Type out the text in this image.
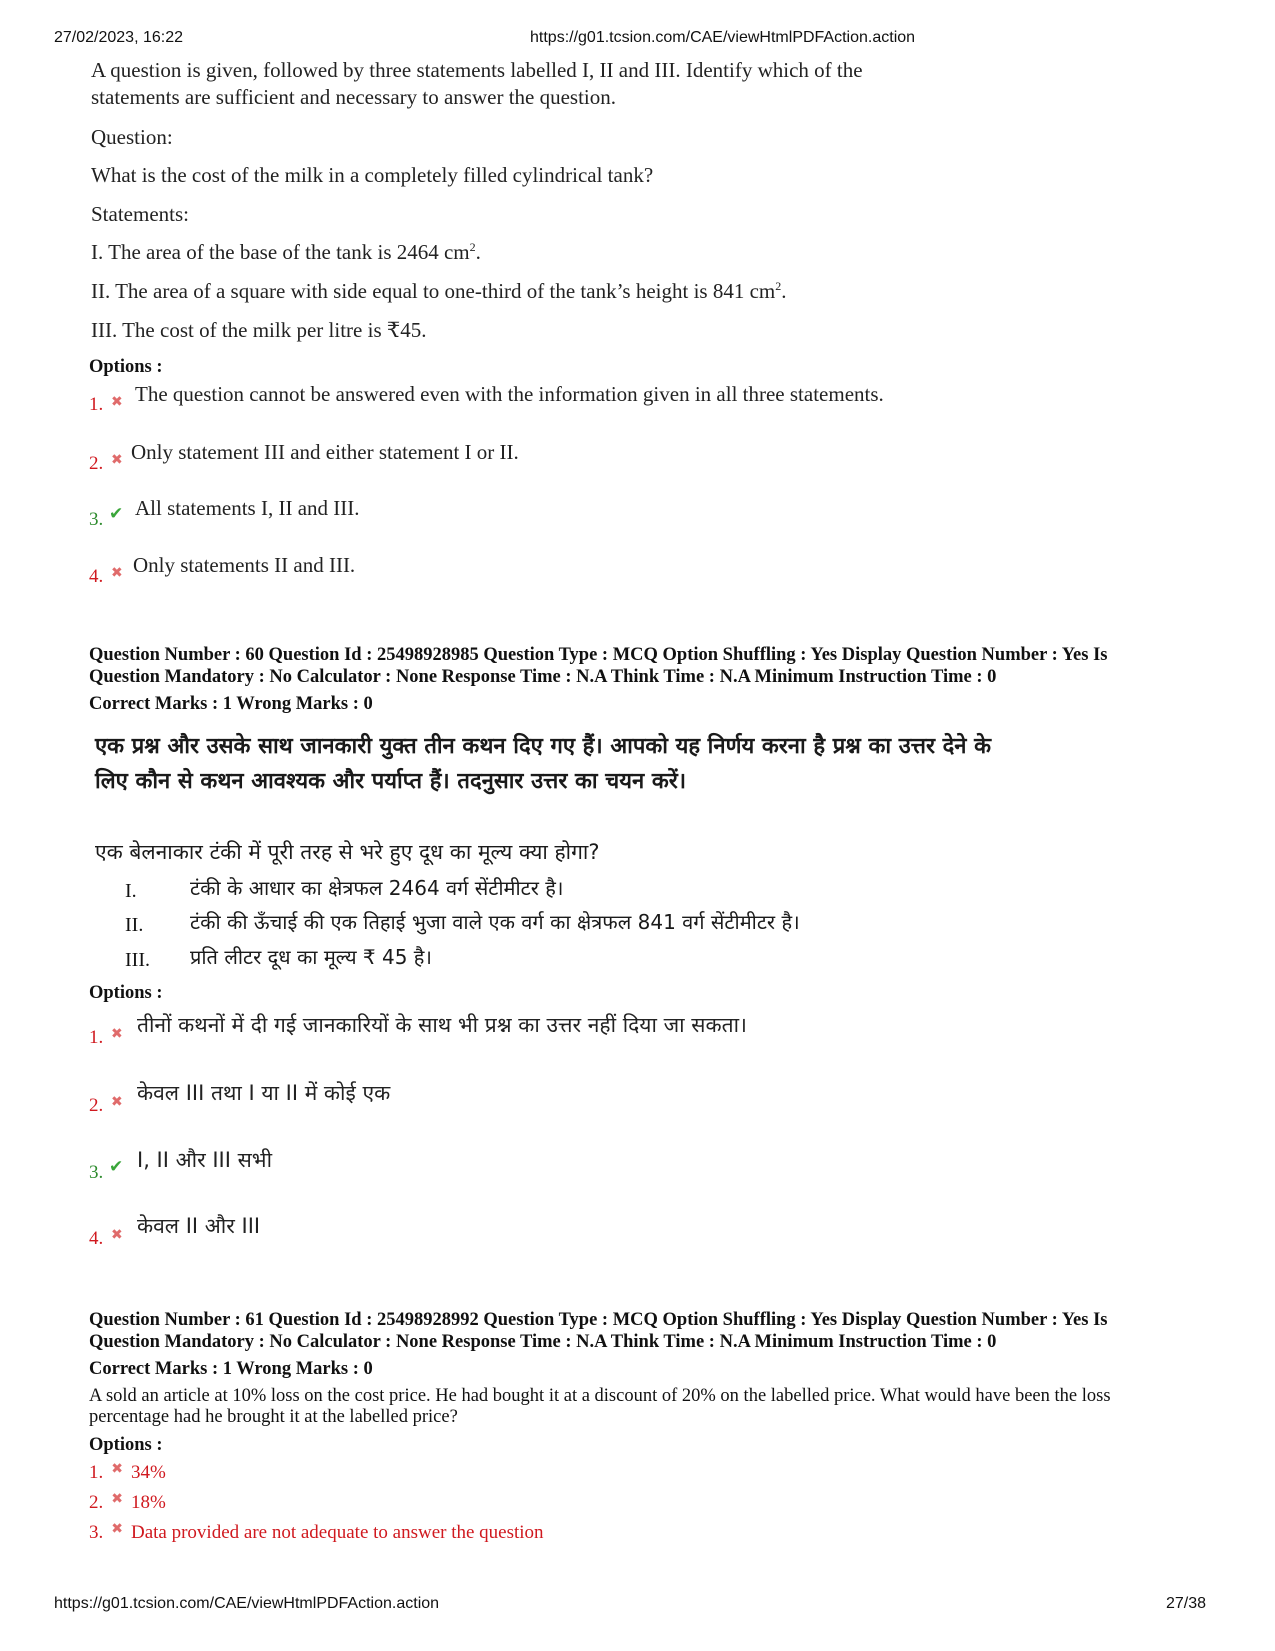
27/02/2023, 16:22	https://g01.tcsion.com/CAE/viewHtmlPDFAction.action
A question is given, followed by three statements labelled I, II and III. Identify which of the
statements are sufficient and necessary to answer the question.
Question:
What is the cost of the milk in a completely filled cylindrical tank?
Statements:
I. The area of the base of the tank is 2464 $cm^2$.
II. The area of a square with side equal to one-third of the tank’s height is 841 $cm^2$.
III. The cost of the milk per litre is ₹45.
Options :
1. ✖ The question cannot be answered even with the information given in all three statements.
2. ✖ Only statement III and either statement I or II.
3. ✔ All statements I, II and III.
4. ✖ Only statements II and III.
Question Number : 60 Question Id : 25498928985 Question Type : MCQ Option Shuffling : Yes Display Question Number : Yes Is
Question Mandatory : No Calculator : None Response Time : N.A Think Time : N.A Minimum Instruction Time : 0
Correct Marks : 1 Wrong Marks : 0
एक प्रश्न और उसके साथ जानकारी युक्त तीन कथन दिए गए हैं। आपको यह निर्णय करना है प्रश्न का उत्तर देने के
लिए कौन से कथन आवश्यक और पर्याप्त हैं। तदनुसार उत्तर का चयन करें।
एक बेलनाकार टंकी में पूरी तरह से भरे हुए दूध का मूल्य क्या होगा?
I.	टंकी के आधार का क्षेत्रफल 2464 वर्ग सेंटीमीटर है।
II. टंकी की ऊँचाई की एक तिहाई भुजा वाले एक वर्ग का क्षेत्रफल 841 वर्ग सेंटीमीटर है।
III. प्रति लीटर दूध का मूल्य ₹ 45 है।
Options :
1. ✖ तीनों कथनों में दी गई जानकारियों के साथ भी प्रश्न का उत्तर नहीं दिया जा सकता।
2. ✖ केवल III तथा I या II में कोई एक
3. ✔ I, II और III सभी
4. ✖ केवल II और III
Question Number : 61 Question Id : 25498928992 Question Type : MCQ Option Shuffling : Yes Display Question Number : Yes Is
Question Mandatory : No Calculator : None Response Time : N.A Think Time : N.A Minimum Instruction Time : 0
Correct Marks : 1 Wrong Marks : 0
A sold an article at 10% loss on the cost price. He had bought it at a discount of 20% on the labelled price. What would have been the loss
percentage had he brought it at the labelled price?
Options :
1. ✖ 34%
2. ✖ 18%
3. ✖ Data provided are not adequate to answer the question
https://g01.tcsion.com/CAE/viewHtmlPDFAction.action	27/38
